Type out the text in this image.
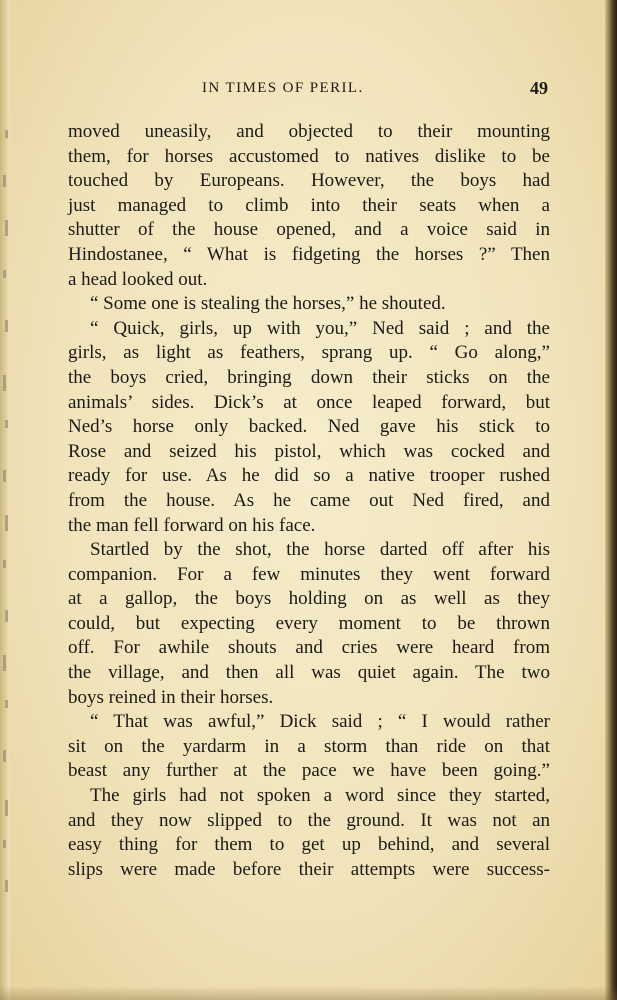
IN TIMES OF PERIL.	49
moved uneasily, and objected to their mounting
them, for horses accustomed to natives dislike to be
touched by Europeans. However, the boys had
just managed to climb into their seats when a
shutter of the house opened, and a voice said in
Hindostanee, “ What is fidgeting the horses ?” Then
a head looked out.
“ Some one is stealing the horses,” he shouted.
“ Quick, girls, up with you,” Ned said ; and the
girls, as light as feathers, sprang up. “ Go along,”
the boys cried, bringing down their sticks on the
animals’ sides. Dick’s at once leaped forward, but
Ned’s horse only backed. Ned gave his stick to
Rose and seized his pistol, which was cocked and
ready for use. As he did so a native trooper rushed
from the house. As he came out Ned fired, and
the man fell forward on his face.
Startled by the shot, the horse darted off after his
companion. For a few minutes they went forward
at a gallop, the boys holding on as well as they
could, but expecting every moment to be thrown
off. For awhile shouts and cries were heard from
the village, and then all was quiet again. The two
boys reined in their horses.
“ That was awful,” Dick said ; “ I would rather
sit on the yardarm in a storm than ride on that
beast any further at the pace we have been going.”
The girls had not spoken a word since they started,
and they now slipped to the ground. It was not an
easy thing for them to get up behind, and several
slips were made before their attempts were success-
